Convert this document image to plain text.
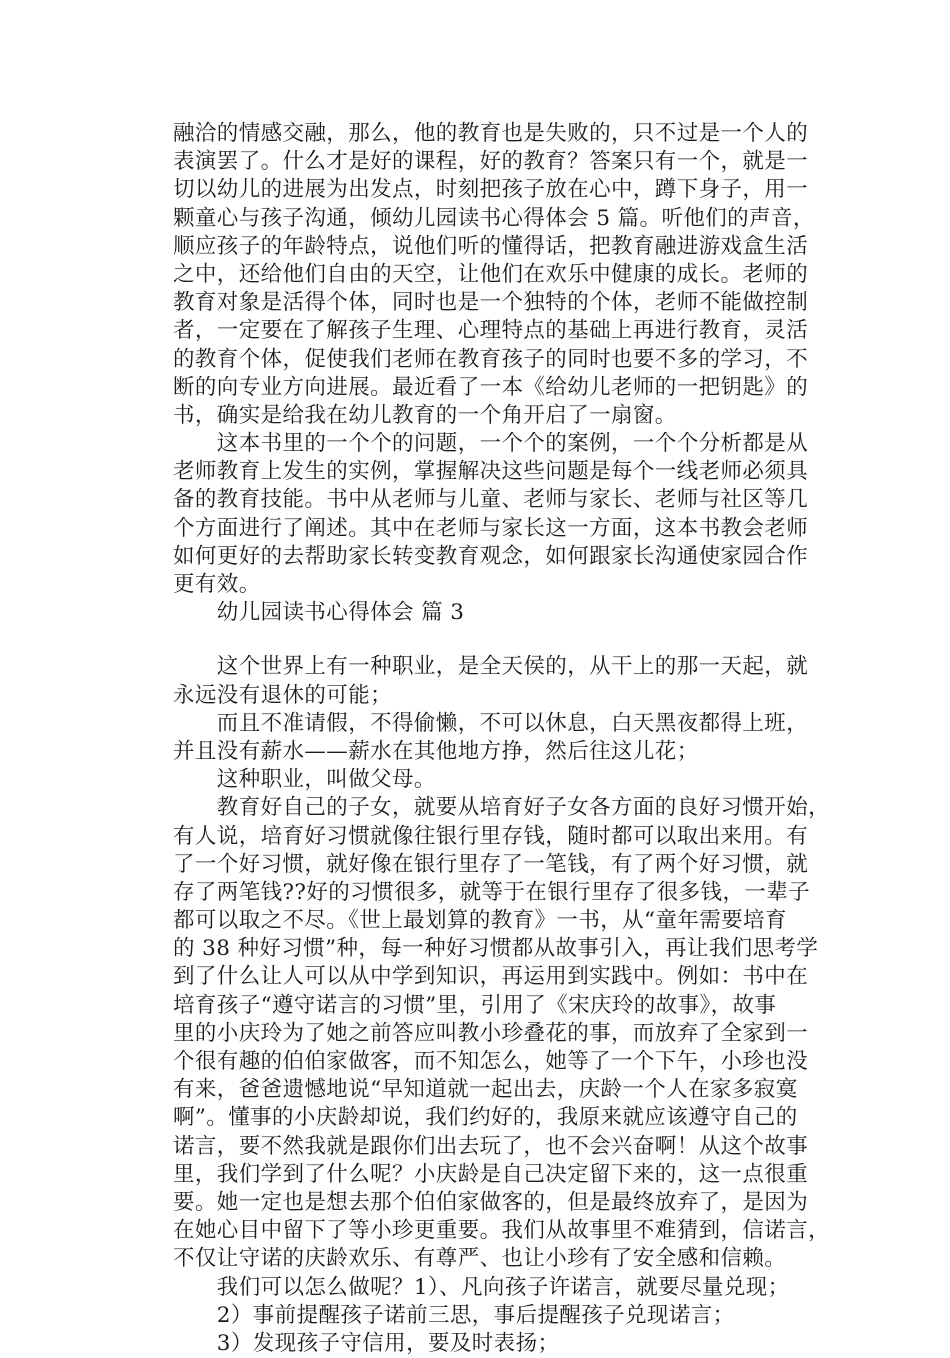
融洽的情感交融，那么，他的教育也是失败的，只不过是一个人的
表演罢了。什么才是好的课程，好的教育？答案只有一个，就是一
切以幼儿的进展为出发点，时刻把孩子放在心中，蹲下身子，用一
颗童心与孩子沟通，倾幼儿园读书心得体会 5 篇。听他们的声音，
顺应孩子的年龄特点，说他们听的懂得话，把教育融进游戏盒生活
之中，还给他们自由的天空，让他们在欢乐中健康的成长。老师的
教育对象是活得个体，同时也是一个独特的个体，老师不能做控制
者，一定要在了解孩子生理、心理特点的基础上再进行教育，灵活
的教育个体，促使我们老师在教育孩子的同时也要不多的学习，不
断的向专业方向进展。最近看了一本《给幼儿老师的一把钥匙》的
书，确实是给我在幼儿教育的一个角开启了一扇窗。
　　这本书里的一个个的问题，一个个的案例，一个个分析都是从
老师教育上发生的实例，掌握解决这些问题是每个一线老师必须具
备的教育技能。书中从老师与儿童、老师与家长、老师与社区等几
个方面进行了阐述。其中在老师与家长这一方面，这本书教会老师
如何更好的去帮助家长转变教育观念，如何跟家长沟通使家园合作
更有效。
　　幼儿园读书心得体会 篇 3
　　这个世界上有一种职业，是全天侯的，从干上的那一天起，就
永远没有退休的可能；
　　而且不准请假，不得偷懒，不可以休息，白天黑夜都得上班，
并且没有薪水——薪水在其他地方挣，然后往这儿花；
　　这种职业，叫做父母。
　　教育好自己的子女，就要从培育好子女各方面的良好习惯开始，
有人说，培育好习惯就像往银行里存钱，随时都可以取出来用。有
了一个好习惯，就好像在银行里存了一笔钱，有了两个好习惯，就
存了两笔钱??好的习惯很多，就等于在银行里存了很多钱，一辈子
都可以取之不尽。《世上最划算的教育》一书，从“童年需要培育
的 38 种好习惯”种，每一种好习惯都从故事引入，再让我们思考学
到了什么让人可以从中学到知识，再运用到实践中。例如：书中在
培育孩子“遵守诺言的习惯”里，引用了《宋庆玲的故事》，故事
里的小庆玲为了她之前答应叫教小珍叠花的事，而放弃了全家到一
个很有趣的伯伯家做客，而不知怎么，她等了一个下午，小珍也没
有来，爸爸遗憾地说“早知道就一起出去，庆龄一个人在家多寂寞
啊”。懂事的小庆龄却说，我们约好的，我原来就应该遵守自己的
诺言，要不然我就是跟你们出去玩了，也不会兴奋啊！从这个故事
里，我们学到了什么呢？小庆龄是自己决定留下来的，这一点很重
要。她一定也是想去那个伯伯家做客的，但是最终放弃了，是因为
在她心目中留下了等小珍更重要。我们从故事里不难猜到，信诺言，
不仅让守诺的庆龄欢乐、有尊严、也让小珍有了安全感和信赖。
　　我们可以怎么做呢？1）、凡向孩子许诺言，就要尽量兑现；
　　2）事前提醒孩子诺前三思，事后提醒孩子兑现诺言；
　　3）发现孩子守信用，要及时表扬；
